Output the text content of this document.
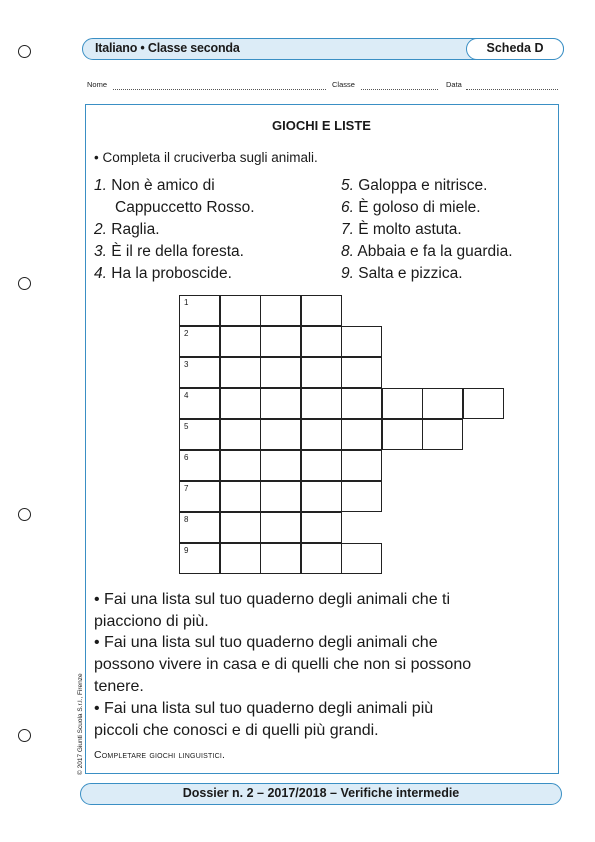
Italiano • Classe seconda	Scheda D
Nome	Classe	Data
GIOCHI E LISTE
• Completa il cruciverba sugli animali.
1. Non è amico di
Cappuccetto Rosso.
2. Raglia.
3. È il re della foresta.
4. Ha la proboscide.
5. Galoppa e nitrisce.
6. È goloso di miele.
7. È molto astuta.
8. Abbaia e fa la guardia.
9. Salta e pizzica.
1
2
3
4
5
6
7
8
9
• Fai una lista sul tuo quaderno degli animali che ti
piacciono di più.
• Fai una lista sul tuo quaderno degli animali che
possono vivere in casa e di quelli che non si possono
tenere.
• Fai una lista sul tuo quaderno degli animali più
piccoli che conosci e di quelli più grandi.
Completare giochi linguistici.
© 2017 Giunti Scuola S.r.l., Firenze
Dossier n. 2 – 2017/2018 – Verifiche intermedie
